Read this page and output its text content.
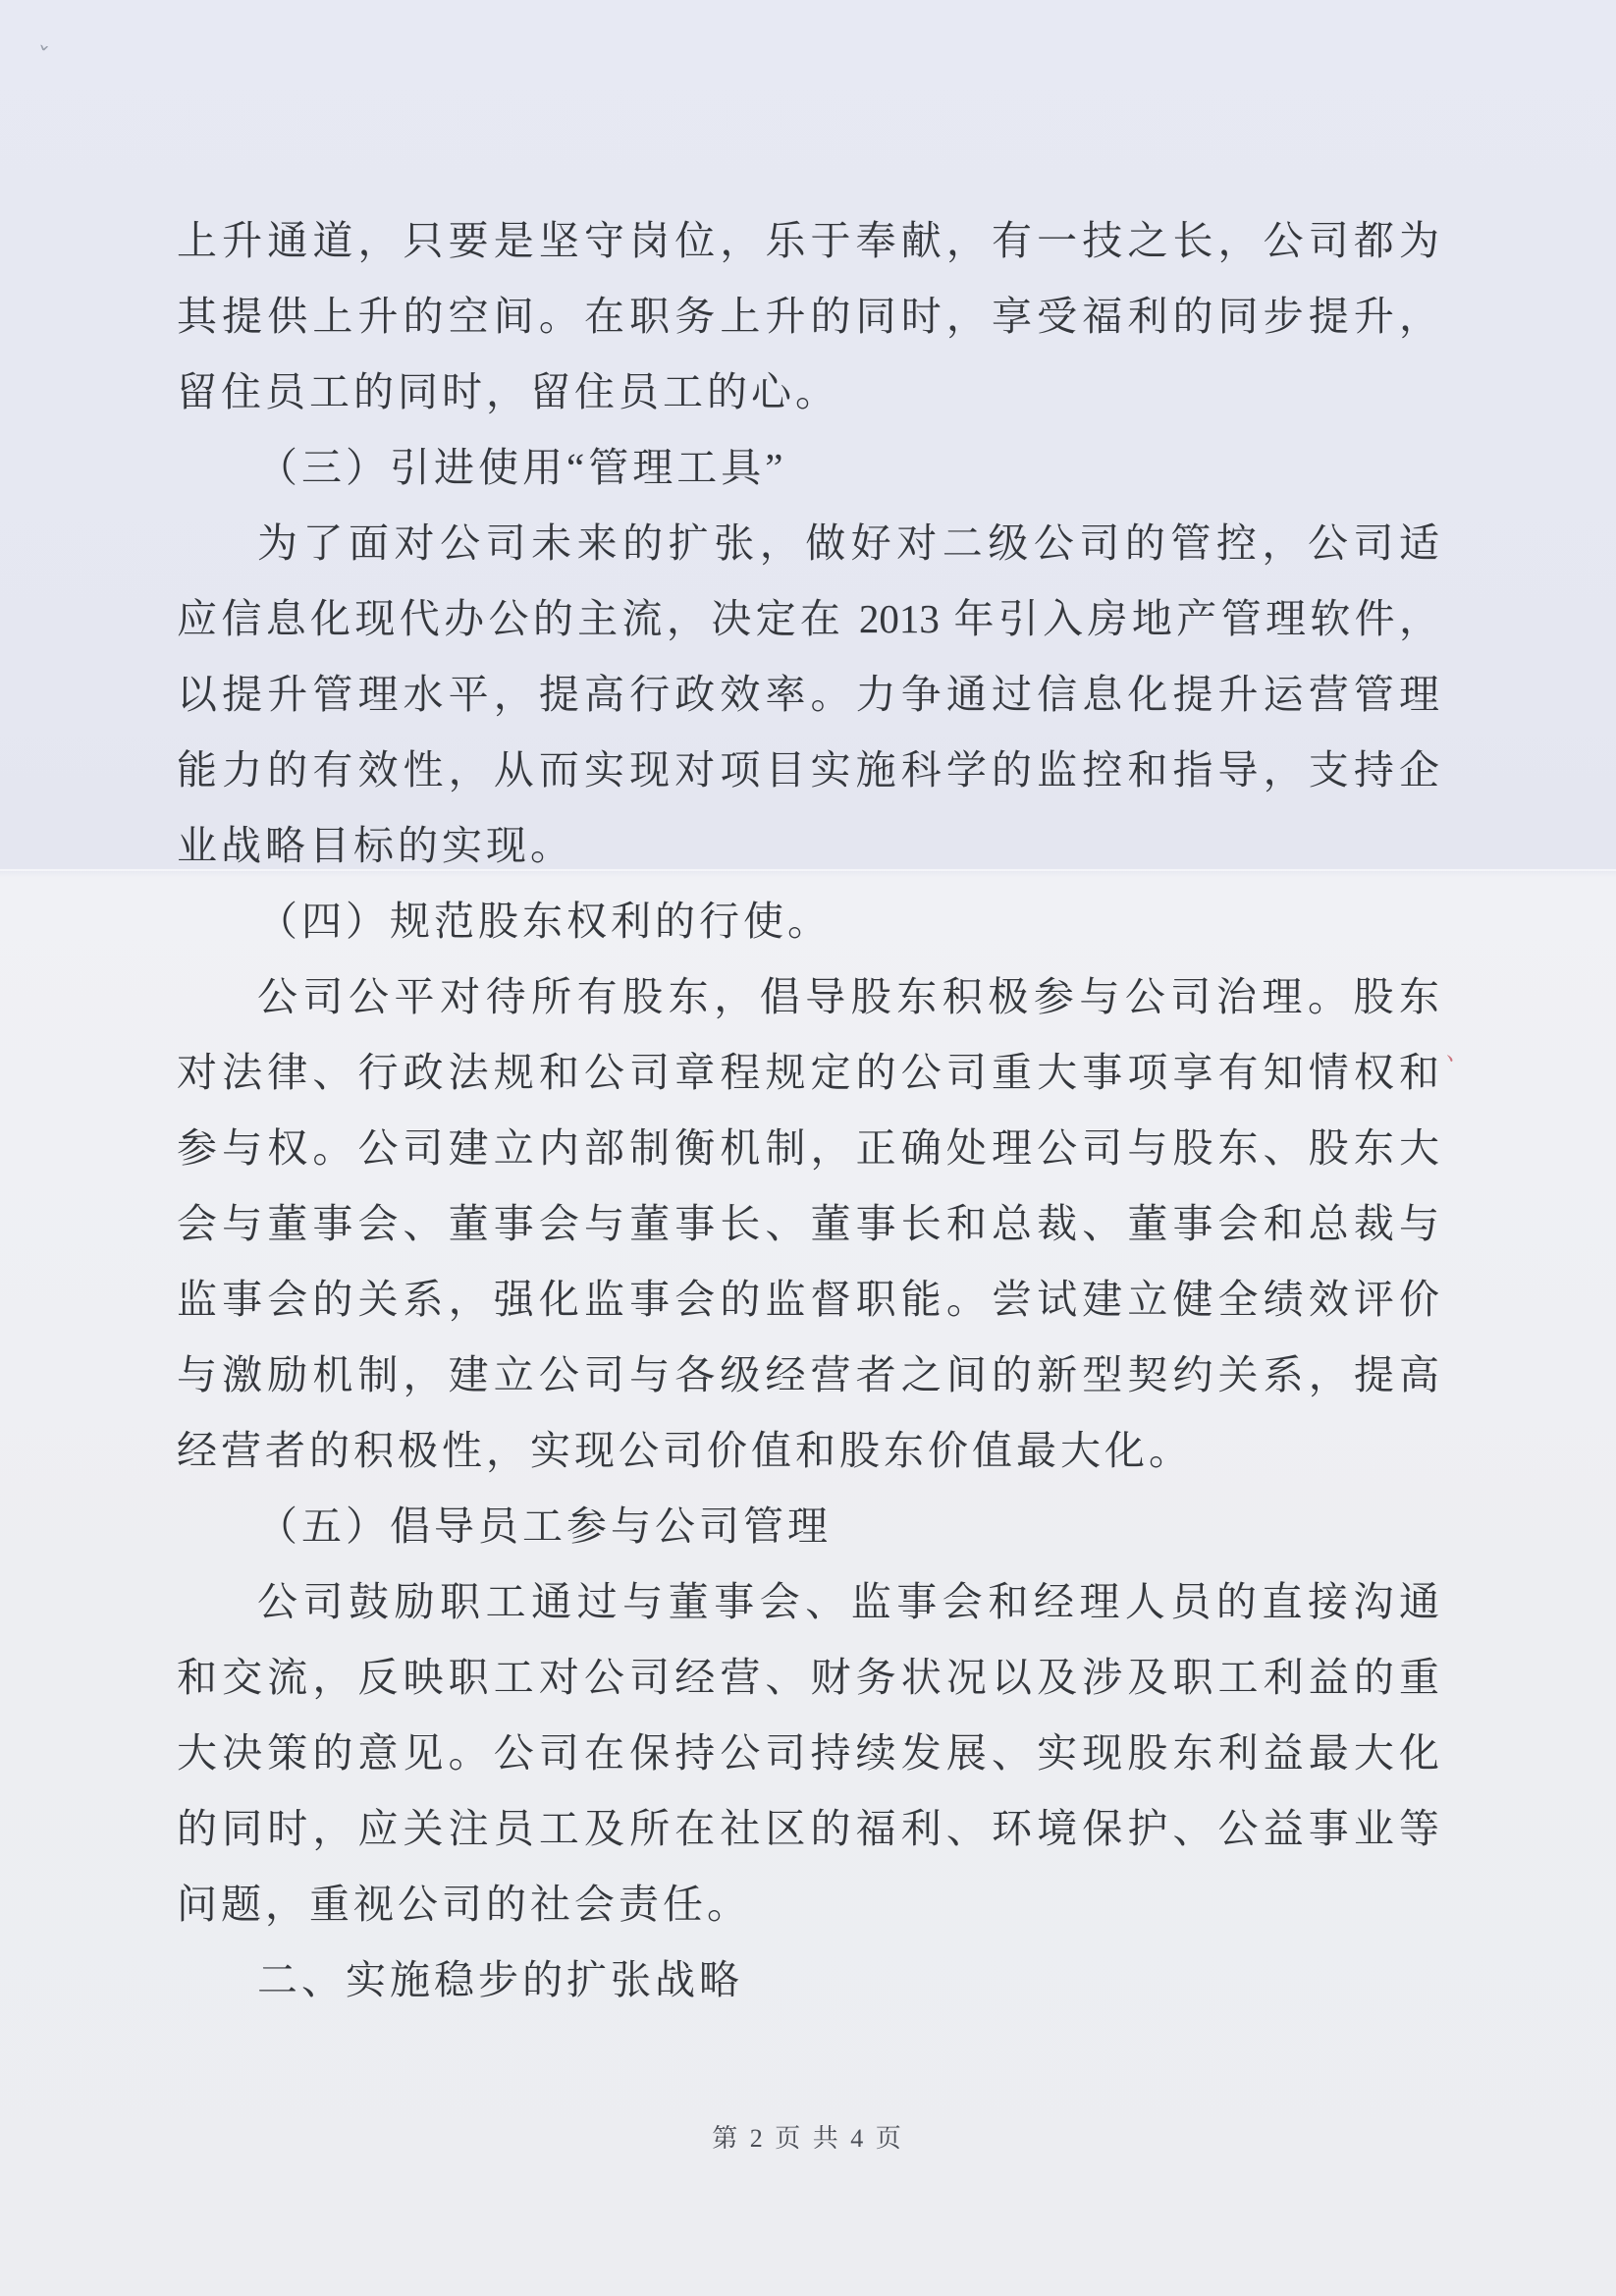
ˇ
、
上升通道，只要是坚守岗位，乐于奉献，有一技之长，公司都为
其提供上升的空间。在职务上升的同时，享受福利的同步提升，
留住员工的同时，留住员工的心。
（三）引进使用“管理工具”
为了面对公司未来的扩张，做好对二级公司的管控，公司适
应信息化现代办公的主流，决定在 2013 年引入房地产管理软件，
以提升管理水平，提高行政效率。力争通过信息化提升运营管理
能力的有效性，从而实现对项目实施科学的监控和指导，支持企
业战略目标的实现。
（四）规范股东权利的行使。
公司公平对待所有股东，倡导股东积极参与公司治理。股东
对法律、行政法规和公司章程规定的公司重大事项享有知情权和
参与权。公司建立内部制衡机制，正确处理公司与股东、股东大
会与董事会、董事会与董事长、董事长和总裁、董事会和总裁与
监事会的关系，强化监事会的监督职能。尝试建立健全绩效评价
与激励机制，建立公司与各级经营者之间的新型契约关系，提高
经营者的积极性，实现公司价值和股东价值最大化。
（五）倡导员工参与公司管理
公司鼓励职工通过与董事会、监事会和经理人员的直接沟通
和交流，反映职工对公司经营、财务状况以及涉及职工利益的重
大决策的意见。公司在保持公司持续发展、实现股东利益最大化
的同时，应关注员工及所在社区的福利、环境保护、公益事业等
问题，重视公司的社会责任。
二、实施稳步的扩张战略
第 2 页 共 4 页
